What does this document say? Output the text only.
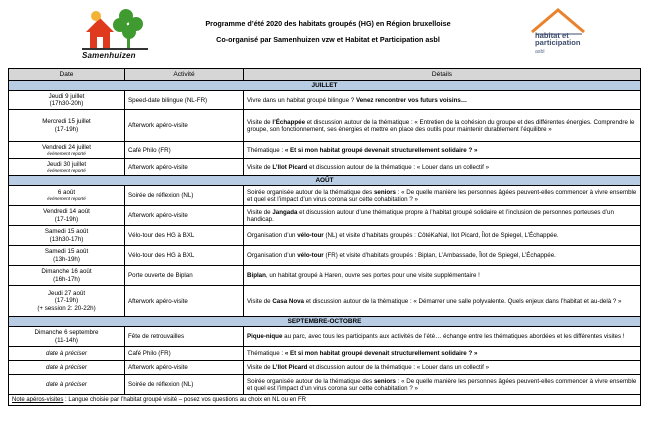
Samenhuizen
Programme d’été 2020 des habitats groupés (HG) en Région bruxelloise
Co-organisé par Samenhuizen vzw et Habitat et Participation asbl	habitat et
participation
asbl
Date	Activité	Détails
JUILLET		
Jeudi 9 juillet
(17h30-20h)	Speed-date bilingue (NL-FR)	Vivre dans un habitat groupé bilingue ? Venez rencontrer vos futurs voisins…
Mercredi 15 juillet
(17-19h)	Afterwork apéro-visite	Visite de l’Échappée et discussion autour de la thématique : « Entretien de la cohésion du groupe et des différentes énergies. Comprendre le groupe, son fonctionnement, ses énergies et mettre en place des outils pour maintenir durablement l’équilibre »
Vendredi 24 juillet
événement reporté	Café Philo (FR)	Thématique : « Et si mon habitat groupé devenait structurellement solidaire ? »
Jeudi 30 juillet
événement reporté	Afterwork apéro-visite	Visite de L’Ilot Picard et discussion autour de la thématique : « Louer dans un collectif »
AOÛT		
6 août
événement reporté	Soirée de réflexion (NL)	Soirée organisée autour de la thématique des seniors : « De quelle manière les personnes âgées peuvent-elles commencer à vivre ensemble et quel est l’impact d’un virus corona sur cette cohabitation ? »
Vendredi 14 août
(17-19h)	Afterwork apéro-visite	Visite de Jangada et discussion autour d’une thématique propre à l’habitat groupé solidaire et l’inclusion de personnes porteuses d’un handicap.
Samedi 15 août
(13h30-17h)	Vélo-tour des HG à BXL	Organisation d’un vélo-tour (NL) et visite d’habitats groupés : CôtéKaNal, Ilot Picard, Îlot de Spiegel, L’Échappée.
Samedi 15 août
(13h-19h)	Vélo-tour des HG à BXL	Organisation d’un vélo-tour (FR) et visite d’habitats groupés : Biplan, L’Ambassade, Îlot de Spiegel, L’Échappée.
Dimanche 16 août
(16h-17h)	Porte ouverte de Biplan	Biplan, un habitat groupé à Haren, ouvre ses portes pour une visite supplémentaire !
Jeudi 27 août
(17-19h)
(+ session 2: 20-22h)	Afterwork apéro-visite	Visite de Casa Nova et discussion autour de la thématique : « Démarrer une salle polyvalente. Quels enjeux dans l’habitat et au-delà ? »
SEPTEMBRE-OCTOBRE		
Dimanche 6 septembre
(11-14h)	Fête de retrouvailles	Pique-nique au parc, avec tous les participants aux activités de l’été… échange entre les thématiques abordées et les différentes visites !
date à préciser	Café Philo (FR)	Thématique : « Et si mon habitat groupé devenait structurellement solidaire ? »
date à préciser	Afterwork apéro-visite	Visite de L’Ilot Picard et discussion autour de la thématique : « Louer dans un collectif »
date à préciser	Soirée de réflexion (NL)	Soirée organisée autour de la thématique des seniors : « De quelle manière les personnes âgées peuvent-elles commencer à vivre ensemble et quel est l’impact d’un virus corona sur cette cohabitation ? »
Note apéros-visites : Langue choisie par l’habitat groupé visité – posez vos questions au choix en NL ou en FR		
